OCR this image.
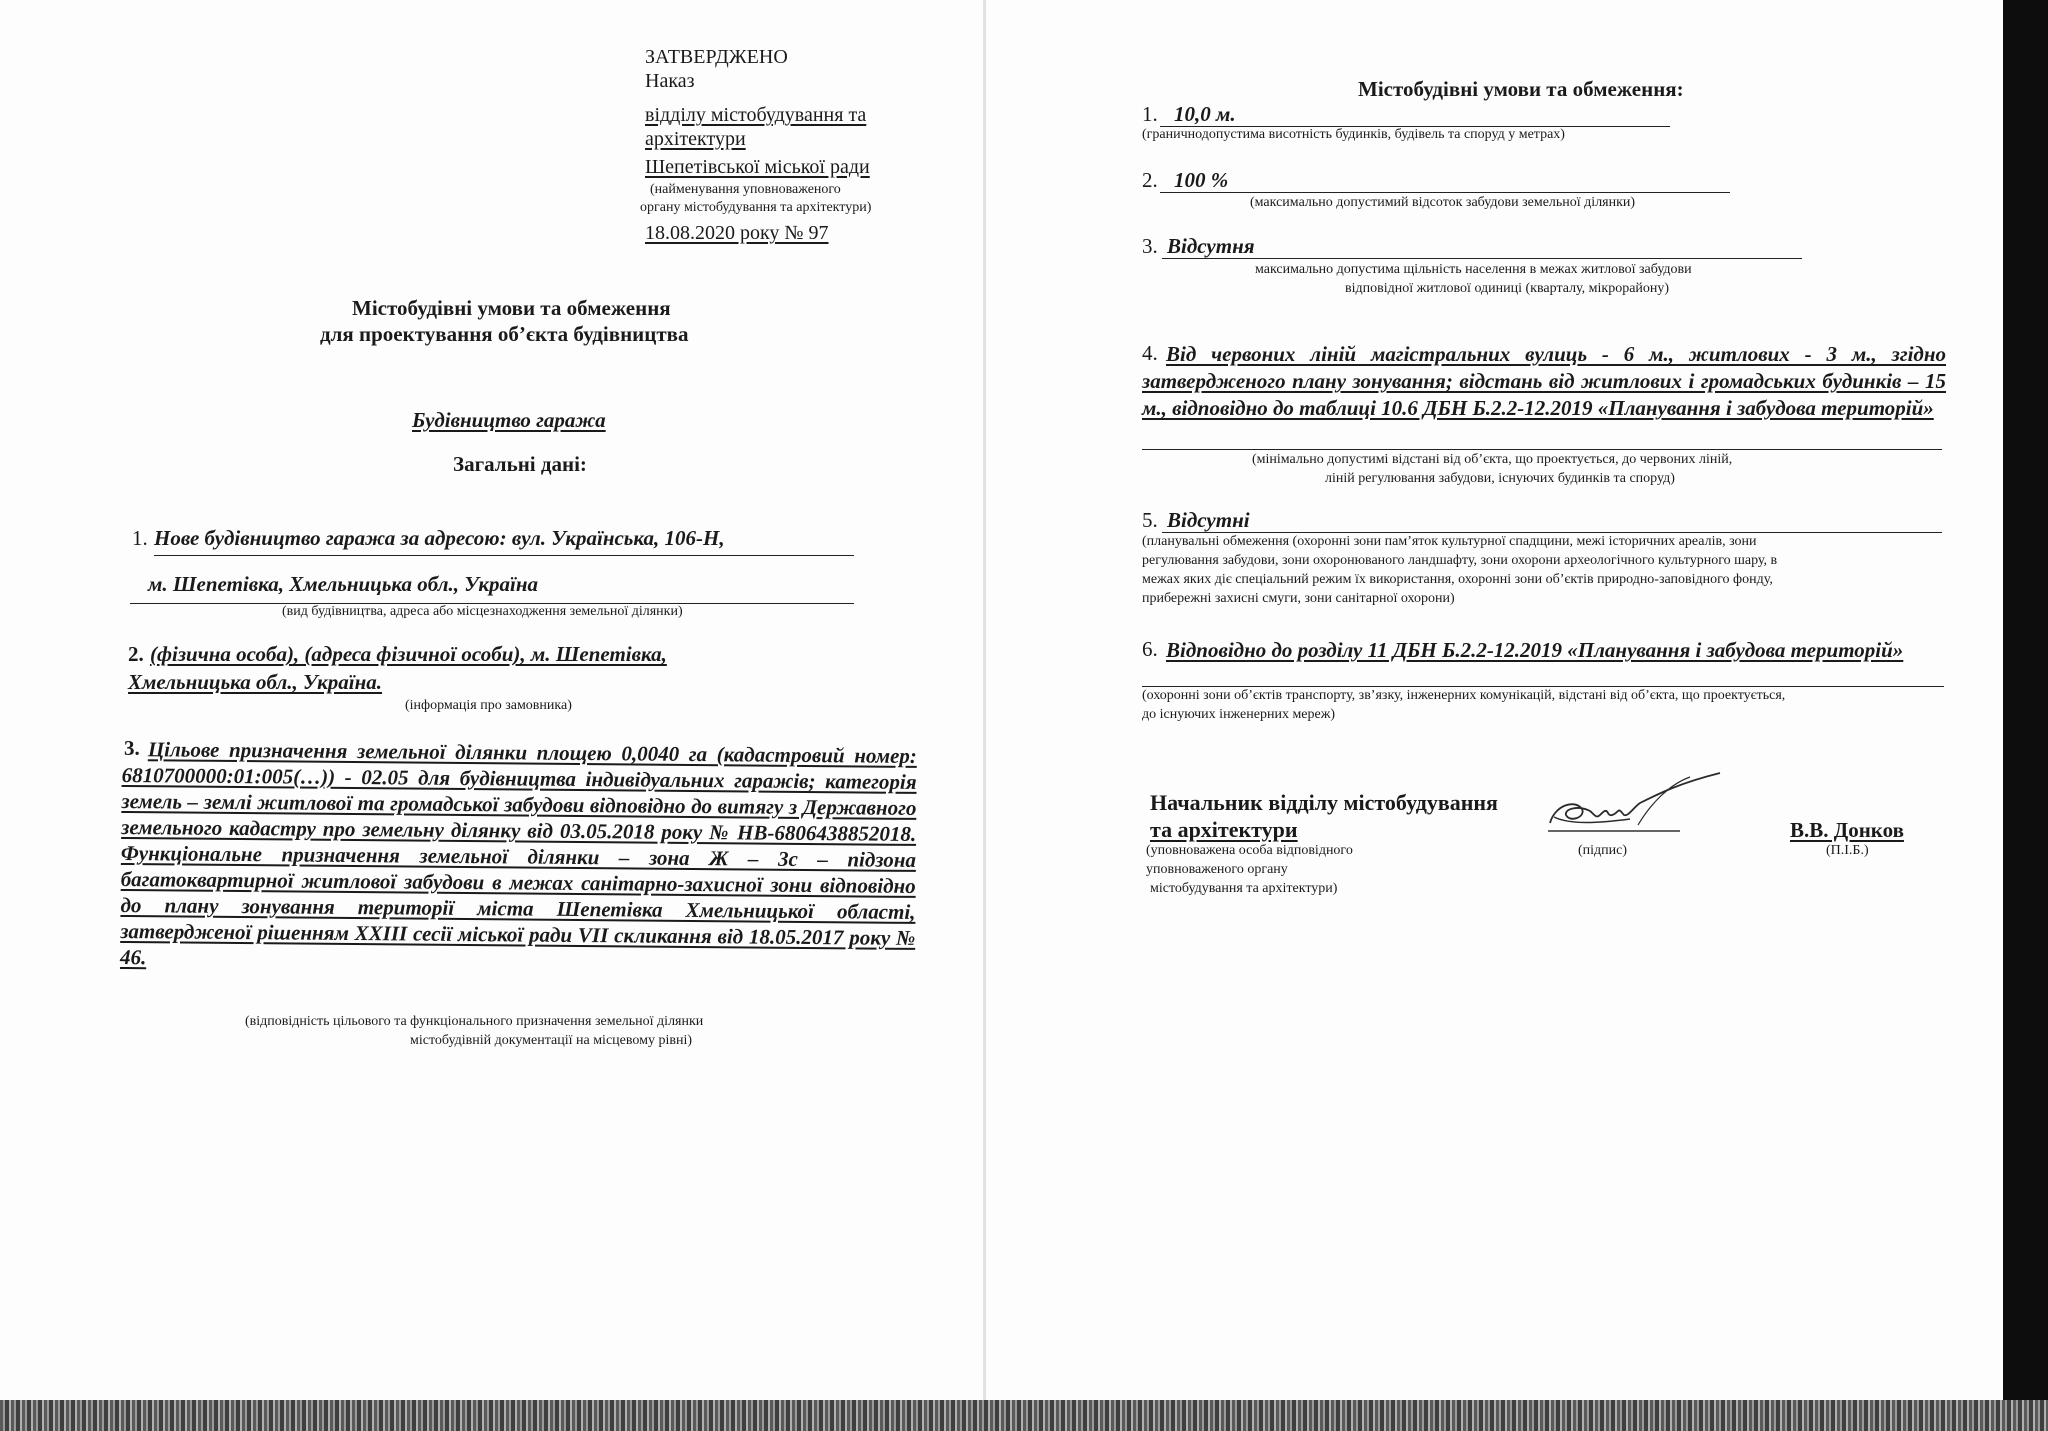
ЗАТВЕРДЖЕНО
Наказ
відділу містобудування та
архітектури
Шепетівської міської ради
(найменування уповноваженого
органу містобудування та архітектури)
18.08.2020 року № 97
Містобудівні умови та обмеження
для проектування об’єкта будівництва
Будівництво гаража
Загальні дані:
1. Нове будівництво гаража за адресою: вул. Українська, 106-Н,
м. Шепетівка, Хмельницька обл., Україна
(вид будівництва, адреса або місцезнаходження земельної ділянки)
2. (фізична особа), (адреса фізичної особи), м. Шепетівка,
Хмельницька обл., Україна.
(інформація про замовника)
3. Цільове призначення земельної ділянки площею 0,0040 га (кадастровий номер: 6810700000:01:005(…)) - 02.05 для будівництва індивідуальних гаражів; категорія земель – землі житлової та громадської забудови відповідно до витягу з Державного земельного кадастру про земельну ділянку від 03.05.2018 року № НВ-6806438852018. Функціональне призначення земельної ділянки – зона Ж – 3с – підзона багатоквартирної житлової забудови в межах санітарно-захисної зони відповідно до плану зонування території міста Шепетівка Хмельницької області, затвердженої рішенням XXIII сесії міської ради VII скликання від 18.05.2017 року № 46.
(відповідність цільового та функціонального призначення земельної ділянки
містобудівній документації на місцевому рівні)
Містобудівні умови та обмеження:
1. 10,0 м.
(граничнодопустима висотність будинків, будівель та споруд у метрах)
2. 100 %
(максимально допустимий відсоток забудови земельної ділянки)
3. Відсутня
максимально допустима щільність населення в межах житлової забудови
відповідної житлової одиниці (кварталу, мікрорайону)
4. Від червоних ліній магістральних вулиць - 6 м., житлових - 3 м., згідно затвердженого плану зонування; відстань від житлових і громадських будинків – 15 м., відповідно до таблиці 10.6 ДБН Б.2.2-12.2019 «Планування і забудова територій»
(мінімально допустимі відстані від об’єкта, що проектується, до червоних ліній,
ліній регулювання забудови, існуючих будинків та споруд)
5. Відсутні
(планувальні обмеження (охоронні зони пам’яток культурної спадщини, межі історичних ареалів, зони
регулювання забудови, зони охоронюваного ландшафту, зони охорони археологічного культурного шару, в
межах яких діє спеціальний режим їх використання, охоронні зони об’єктів природно-заповідного фонду,
прибережні захисні смуги, зони санітарної охорони)
6. Відповідно до розділу 11 ДБН Б.2.2-12.2019 «Планування і забудова територій»
(охоронні зони об’єктів транспорту, зв’язку, інженерних комунікацій, відстані від об’єкта, що проектується,
до існуючих інженерних мереж)
Начальник відділу містобудування
та архітектури
(уповноважена особа відповідного
уповноваженого органу
містобудування та архітектури)
(підпис)
В.В. Донков
(П.І.Б.)
